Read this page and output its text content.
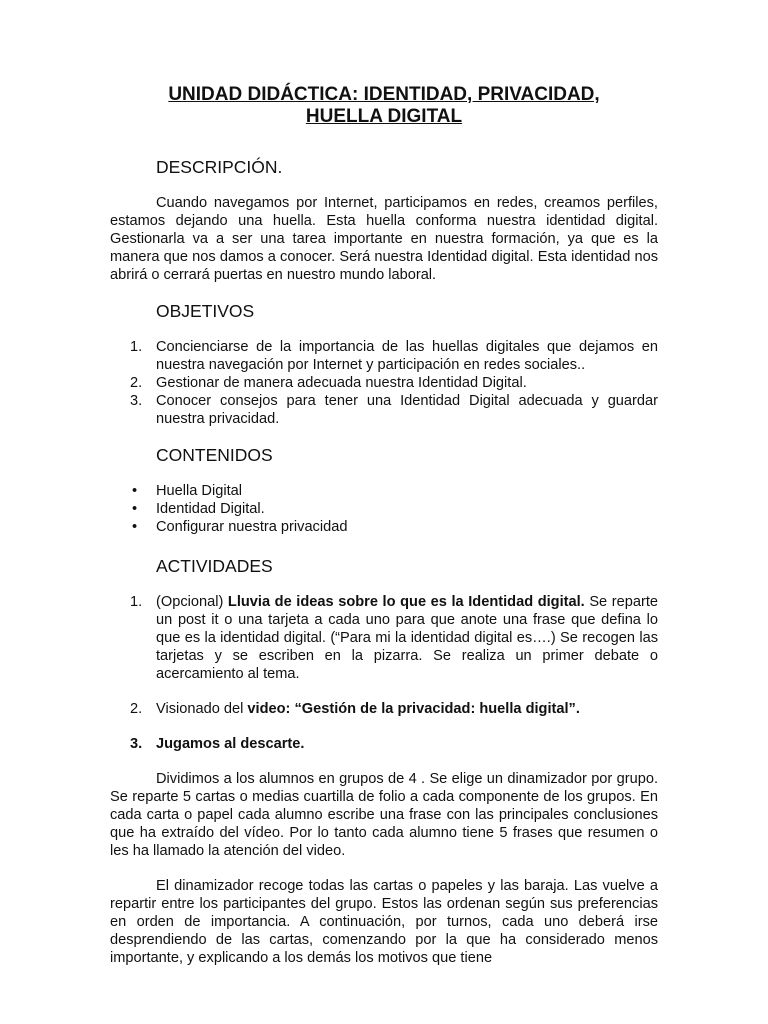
UNIDAD DIDÁCTICA: IDENTIDAD, PRIVACIDAD,
HUELLA DIGITAL
DESCRIPCIÓN.

Cuando navegamos por Internet, participamos en redes, creamos perfiles, estamos dejando una huella. Esta huella conforma nuestra identidad digital. Gestionarla va a ser una tarea importante en nuestra formación, ya que es la manera que nos damos a conocer. Será nuestra Identidad digital. Esta identidad nos abrirá o cerrará puertas en nuestro mundo laboral.

OBJETIVOS
1. Concienciarse de la importancia de las huellas digitales que dejamos en nuestra navegación por Internet y participación en redes sociales..
2. Gestionar de manera adecuada nuestra Identidad Digital.
3. Conocer consejos para tener una Identidad Digital adecuada y guardar nuestra privacidad.
CONTENIDOS
• Huella Digital
• Identidad Digital.
• Configurar nuestra privacidad
ACTIVIDADES
1. (Opcional) Lluvia de ideas sobre lo que es la Identidad digital. Se reparte un post it o una tarjeta a cada uno para que anote una frase que defina lo que es la identidad digital. (“Para mi la identidad digital es….) Se recogen las tarjetas y se escriben en la pizarra. Se realiza un primer debate o acercamiento al tema.
2. Visionado del video: “Gestión de la privacidad: huella digital”.
3. Jugamos al descarte.

Dividimos a los alumnos en grupos de 4 . Se elige un dinamizador por grupo. Se reparte 5 cartas o medias cuartilla de folio a cada componente de los grupos. En cada carta o papel cada alumno escribe una frase con las principales conclusiones que ha extraído del vídeo. Por lo tanto cada alumno tiene 5 frases que resumen o les ha llamado la atención del video.

El dinamizador recoge todas las cartas o papeles y las baraja. Las vuelve a repartir entre los participantes del grupo. Estos las ordenan según sus preferencias en orden de importancia. A continuación, por turnos, cada uno deberá irse desprendiendo de las cartas, comenzando por la que ha considerado menos importante, y explicando a los demás los motivos que tiene
